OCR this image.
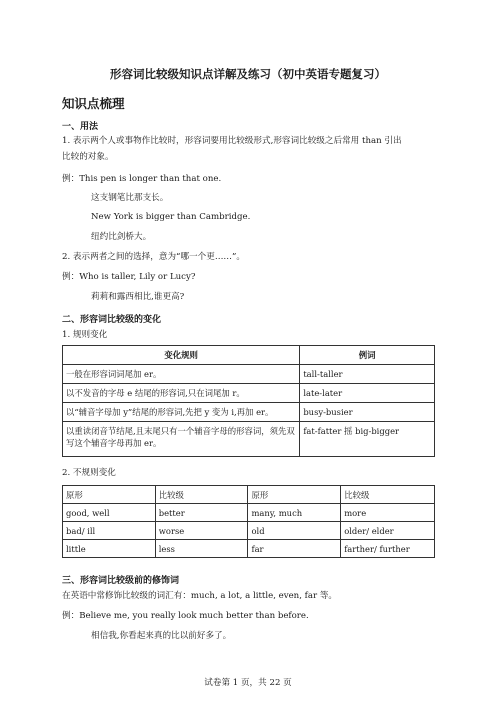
形容词比较级知识点详解及练习（初中英语专题复习）
知识点梳理
一、用法
1. 表示两个人或事物作比较时，形容词要用比较级形式,形容词比较级之后常用 than 引出
比较的对象。
例：This pen is longer than that one.
这支钢笔比那支长。
New York is bigger than Cambridge.
纽约比剑桥大。
2. 表示两者之间的选择，意为“哪一个更……”。
例：Who is taller, Lily or Lucy?
莉莉和露西相比,谁更高?
二、形容词比较级的变化
1. 规则变化
变化规则	例词
一般在形容词词尾加 er。	tall-taller
以不发音的字母 e 结尾的形容词,只在词尾加 r。	late-later
以“辅音字母加 y”结尾的形容词,先把 y 变为 i,再加 er。	busy-busier
以重读闭音节结尾,且末尾只有一个辅音字母的形容词，须先双写这个辅音字母再加 er。	fat-fatter 摇 big-bigger
2. 不规则变化
原形	比较级	原形	比较级
good, well	better	many, much	more
bad/ ill	worse	old	older/ elder
little	less	far	farther/ further
三、形容词比较级前的修饰词
在英语中常修饰比较级的词汇有：much, a lot, a little, even, far 等。
例：Believe me, you really look much better than before.
相信我,你看起来真的比以前好多了。
试卷第 1 页，共 22 页
